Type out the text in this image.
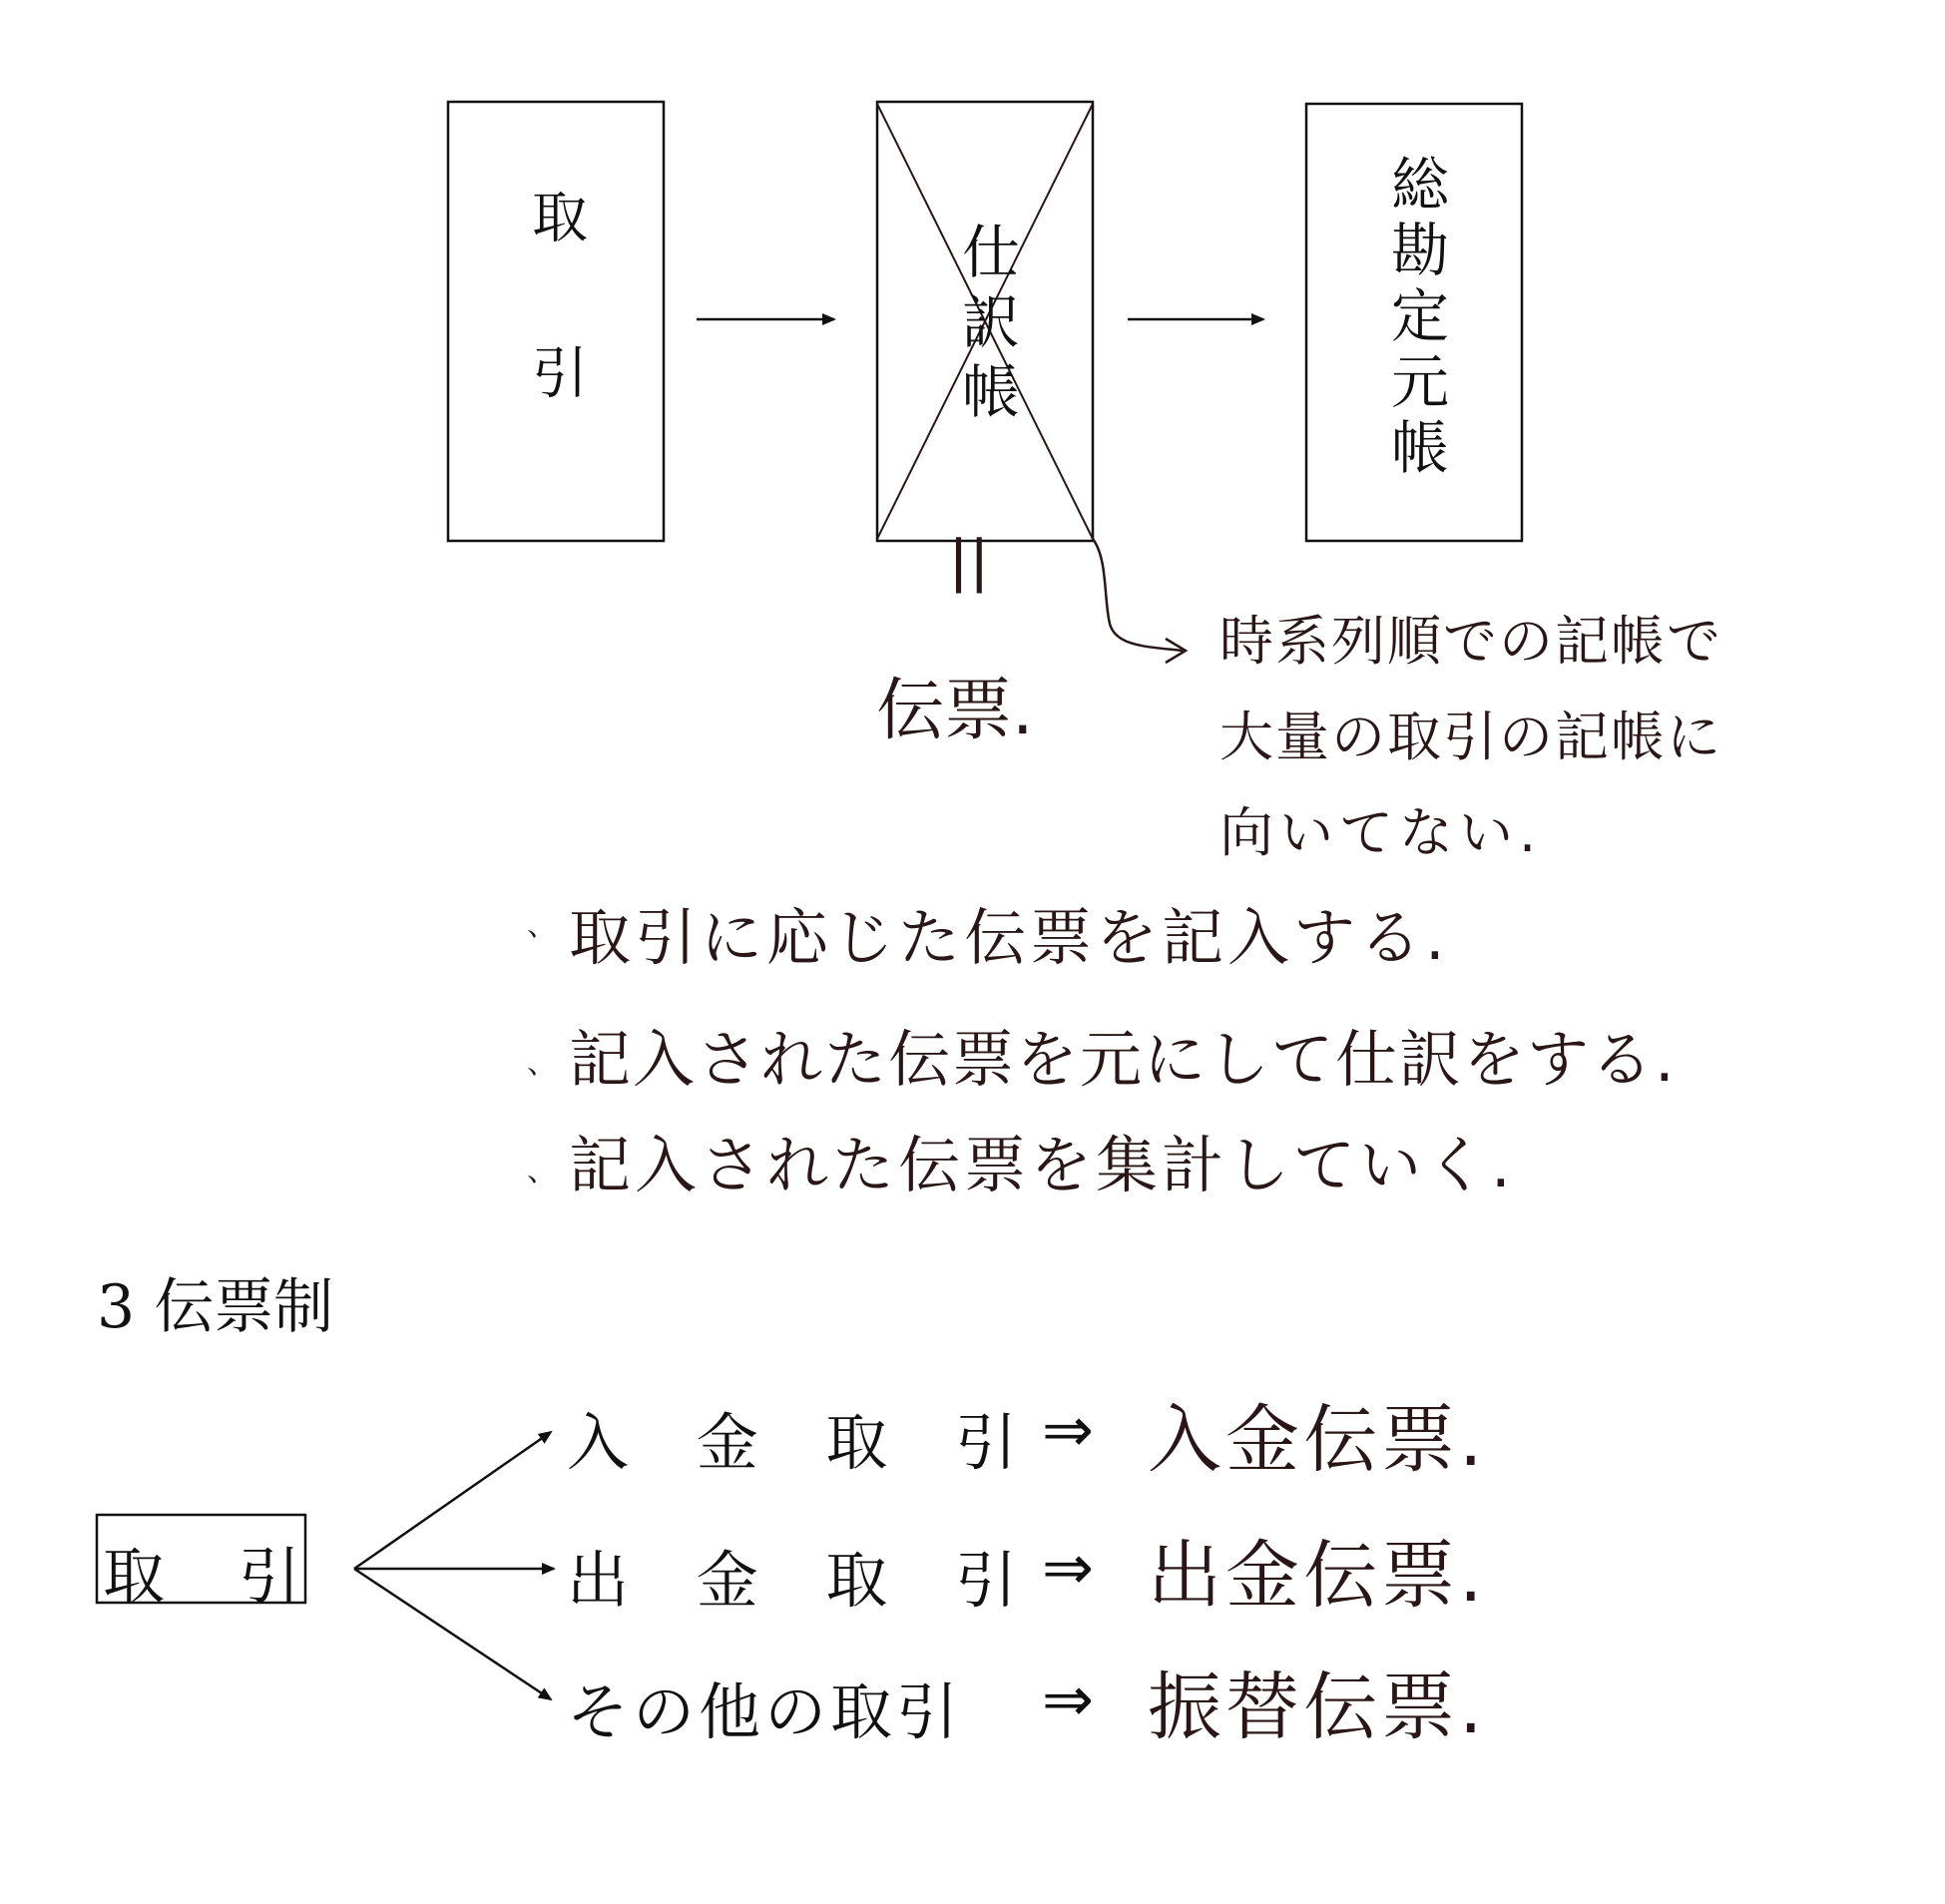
取引	仕訳帳	総勘定元帳
||
伝票.
時系列順での記帳で
大量の取引の記帳に
向いてない.
、 取引に応じた伝票を記入する.
、 記入された伝票を元にして仕訳をする.
、 記入された伝票を集計していく.
3 伝票制
取　引
入 金 取 引 ⇒ 入金伝票.
出 金 取 引 ⇒ 出金伝票.
その他の取引 ⇒ 振替伝票.
